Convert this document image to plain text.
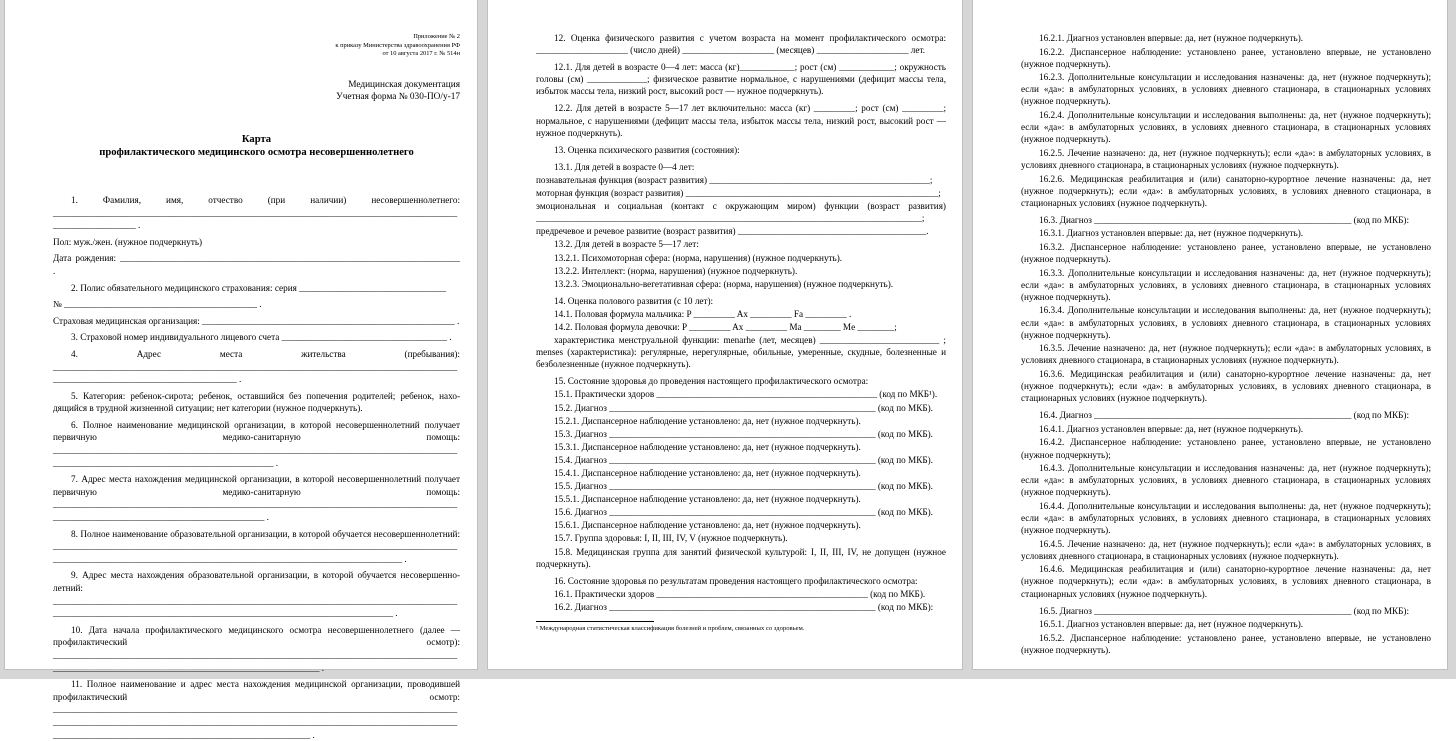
Приложение № 2
к приказу Министерства здравоохранения РФ
от 10 августа 2017 г. № 514н
Медицинская документация
Учетная форма № 030-ПО/у-17
Карта
профилактического медицинского осмотра несовершеннолетнего

1. Фамилия, имя, отчество (при наличии) несовершеннолетнего: __________________________________________________________________________________________________________ .

Пол: муж./жен. (нужное подчеркнуть)

Дата рождения: __________________________________________________________________________ .

2. Полис обязательного медицинского страхования: серия ________________________________

№ __________________________________________ .

Страховая медицинская организация: _______________________________________________________ .

3. Страховой номер индивидуального лицевого счета ____________________________________ .

4. Адрес места жительства (пребывания): ________________________________________________________________________________________________________________________________ .

5. Категория: ребенок-сирота; ребенок, оставшийся без попечения родителей; ребенок, находящийся в трудной жизненной ситуации; нет категории (нужное подчеркнуть).

6. Полное наименование медицинской организации, в которой несовершеннолетний получает первичную медико-санитарную помощь: ________________________________________________________________________________________________________________________________________ .

7. Адрес места нахождения медицинской организации, в которой несовершеннолетний получает первичную медико-санитарную помощь: ______________________________________________________________________________________________________________________________________ .

8. Полное наименование образовательной организации, в которой обучается несовершеннолетний: ____________________________________________________________________________________________________________________________________________________________________ .

9. Адрес места нахождения образовательной организации, в которой обучается несовершеннолетний: __________________________________________________________________________________________________________________________________________________________________ .

10. Дата начала профилактического медицинского осмотра несовершеннолетнего (далее — профилактический осмотр): __________________________________________________________________________________________________________________________________________________ .

11. Полное наименование и адрес места нахождения медицинской организации, проводившей профилактический осмотр: ________________________________________________________________________________________________________________________________________________________________________________________________________________________________________ .

12. Оценка физического развития с учетом возраста на момент профилактического осмотра: ____________________ (число дней) ____________________ (месяцев) ____________________ лет.

12.1. Для детей в возрасте 0—4 лет: масса (кг)____________; рост (см) ____________; окружность головы (см) _____________; физическое развитие нормальное, с нарушениями (дефицит массы тела, избыток массы тела, низкий рост, высокий рост — нужное подчеркнуть).

12.2. Для детей в возрасте 5—17 лет включительно: масса (кг) _________; рост (см) _________; нормальное, с нарушениями (дефицит массы тела, избыток массы тела, низкий рост, высокий рост — нужное подчеркнуть).

13. Оценка психического развития (состояния):

13.1. Для детей в возрасте 0—4 лет:

познавательная функция (возраст развития) ________________________________________________;

моторная функция (возраст развития) _______________________________________________________;

эмоциональная и социальная (контакт с окружающим миром) функции (возраст развития) ____________________________________________________________________________________;

предречевое и речевое развитие (возраст развития) _________________________________________.

13.2. Для детей в возрасте 5—17 лет:

13.2.1. Психомоторная сфера: (норма, нарушения) (нужное подчеркнуть).

13.2.2. Интеллект: (норма, нарушения) (нужное подчеркнуть).

13.2.3. Эмоционально-вегетативная сфера: (норма, нарушения) (нужное подчеркнуть).

14. Оценка полового развития (с 10 лет):

14.1. Половая формула мальчика: P _________ Ax _________ Fa _________ .

14.2. Половая формула девочки: P _________ Ax _________ Ma ________ Me ________;

характеристика менструальной функции: menarhe (лет, месяцев) __________________________ ; menses (характеристика): регулярные, нерегулярные, обильные, умеренные, скудные, болезненные и безболезненные (нужное подчеркнуть).

15. Состояние здоровья до проведения настоящего профилактического осмотра:

15.1. Практически здоров ________________________________________________ (код по МКБ¹).

15.2. Диагноз __________________________________________________________ (код по МКБ).

15.2.1. Диспансерное наблюдение установлено: да, нет (нужное подчеркнуть).

15.3. Диагноз __________________________________________________________ (код по МКБ).

15.3.1. Диспансерное наблюдение установлено: да, нет (нужное подчеркнуть).

15.4. Диагноз __________________________________________________________ (код по МКБ).

15.4.1. Диспансерное наблюдение установлено: да, нет (нужное подчеркнуть).

15.5. Диагноз __________________________________________________________ (код по МКБ).

15.5.1. Диспансерное наблюдение установлено: да, нет (нужное подчеркнуть).

15.6. Диагноз __________________________________________________________ (код по МКБ).

15.6.1. Диспансерное наблюдение установлено: да, нет (нужное подчеркнуть).

15.7. Группа здоровья: I, II, III, IV, V (нужное подчеркнуть).

15.8. Медицинская группа для занятий физической культурой: I, II, III, IV, не допущен (нужное подчеркнуть).

16. Состояние здоровья по результатам проведения настоящего профилактического осмотра:

16.1. Практически здоров ______________________________________________ (код по МКБ).

16.2. Диагноз __________________________________________________________ (код по МКБ):

¹ Международная статистическая классификация болезней и проблем, связанных со здоровьем.

16.2.1. Диагноз установлен впервые: да, нет (нужное подчеркнуть).

16.2.2. Диспансерное наблюдение: установлено ранее, установлено впервые, не установлено (нужное подчеркнуть).

16.2.3. Дополнительные консультации и исследования назначены: да, нет (нужное подчеркнуть); если «да»: в амбулаторных условиях, в условиях дневного стационара, в стационарных условиях (нужное подчеркнуть).

16.2.4. Дополнительные консультации и исследования выполнены: да, нет (нужное подчеркнуть); если «да»: в амбулаторных условиях, в условиях дневного стационара, в стационарных условиях (нужное подчеркнуть).

16.2.5. Лечение назначено: да, нет (нужное подчеркнуть); если «да»: в амбулаторных условиях, в условиях дневного стационара, в стационарных условиях (нужное подчеркнуть).

16.2.6. Медицинская реабилитация и (или) санаторно-курортное лечение назначены: да, нет (нужное подчеркнуть); если «да»: в амбулаторных условиях, в условиях дневного стационара, в стационарных условиях (нужное подчеркнуть).

16.3. Диагноз ________________________________________________________ (код по МКБ):

16.3.1. Диагноз установлен впервые: да, нет (нужное подчеркнуть).

16.3.2. Диспансерное наблюдение: установлено ранее, установлено впервые, не установлено (нужное подчеркнуть).

16.3.3. Дополнительные консультации и исследования назначены: да, нет (нужное подчеркнуть); если «да»: в амбулаторных условиях, в условиях дневного стационара, в стационарных условиях (нужное подчеркнуть).

16.3.4. Дополнительные консультации и исследования выполнены: да, нет (нужное подчеркнуть); если «да»: в амбулаторных условиях, в условиях дневного стационара, в стационарных условиях (нужное подчеркнуть).

16.3.5. Лечение назначено: да, нет (нужное подчеркнуть); если «да»: в амбулаторных условиях, в условиях дневного стационара, в стационарных условиях (нужное подчеркнуть).

16.3.6. Медицинская реабилитация и (или) санаторно-курортное лечение назначены: да, нет (нужное подчеркнуть); если «да»: в амбулаторных условиях, в условиях дневного стационара, в стационарных условиях (нужное подчеркнуть).

16.4. Диагноз ________________________________________________________ (код по МКБ):

16.4.1. Диагноз установлен впервые: да, нет (нужное подчеркнуть).

16.4.2. Диспансерное наблюдение: установлено ранее, установлено впервые, не установлено (нужное подчеркнуть);

16.4.3. Дополнительные консультации и исследования назначены: да, нет (нужное подчеркнуть); если «да»: в амбулаторных условиях, в условиях дневного стационара, в стационарных условиях (нужное подчеркнуть).

16.4.4. Дополнительные консультации и исследования выполнены: да, нет (нужное подчеркнуть); если «да»: в амбулаторных условиях, в условиях дневного стационара, в стационарных условиях (нужное подчеркнуть).

16.4.5. Лечение назначено: да, нет (нужное подчеркнуть); если «да»: в амбулаторных условиях, в условиях дневного стационара, в стационарных условиях (нужное подчеркнуть).

16.4.6. Медицинская реабилитация и (или) санаторно-курортное лечение назначены: да, нет (нужное подчеркнуть); если «да»: в амбулаторных условиях, в условиях дневного стационара, в стационарных условиях (нужное подчеркнуть).

16.5. Диагноз ________________________________________________________ (код по МКБ):

16.5.1. Диагноз установлен впервые: да, нет (нужное подчеркнуть).

16.5.2. Диспансерное наблюдение: установлено ранее, установлено впервые, не установлено (нужное подчеркнуть).
